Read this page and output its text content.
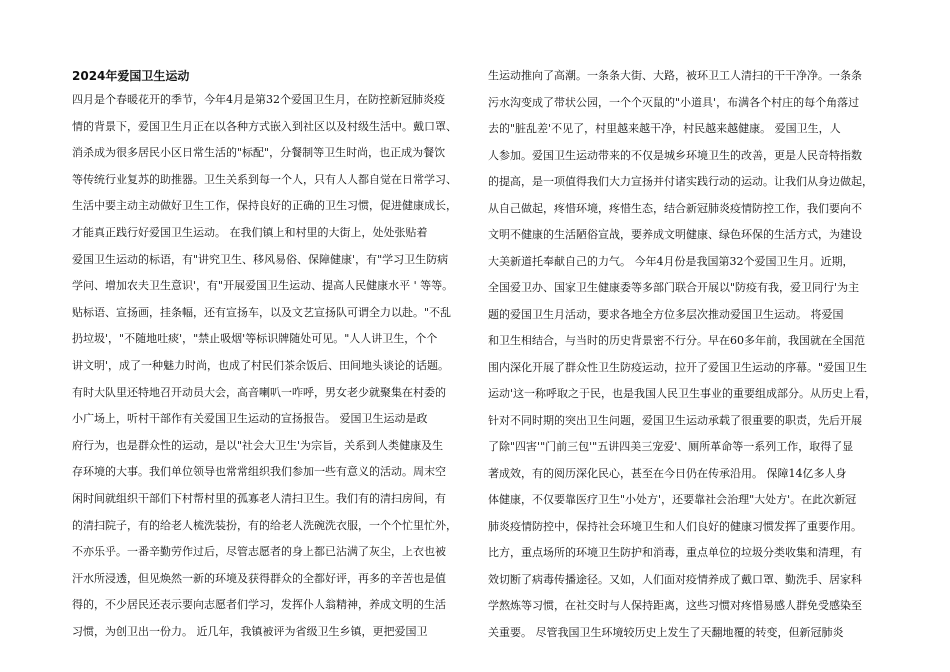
2024年爱国卫生运动
四月是个春暖花开的季节，今年4月是第32个爱国卫生月，在防控新冠肺炎疫
情的背景下，爱国卫生月正在以各种方式嵌入到社区以及村级生活中。戴口罩、
消杀成为很多居民小区日常生活的"标配"，分餐制等卫生时尚，也正成为餐饮
等传统行业复苏的助推器。卫生关系到每一个人，只有人人都自觉在日常学习、
生活中要主动主动做好卫生工作，保持良好的正确的卫生习惯，促进健康成长，
才能真正践行好爱国卫生运动。 在我们镇上和村里的大街上，处处张贴着
爱国卫生运动的标语，有"讲究卫生、移风易俗、保障健康'，有"学习卫生防病
学问、增加农夫卫生意识'，有"开展爱国卫生运动、提高人民健康水平 ' 等等。
贴标语、宣扬画，挂条幅，还有宣扬车，以及文艺宣扬队可谓全力以赴。"不乱
扔垃圾'，"不随地吐痰'，"禁止吸烟'等标识牌随处可见。"人人讲卫生，个个
讲文明'，成了一种魅力时尚，也成了村民们茶余饭后、田间地头谈论的话题。
有时大队里还特地召开动员大会，高音喇叭一咋呼，男女老少就聚集在村委的
小广场上，听村干部作有关爱国卫生运动的宣扬报告。 爱国卫生运动是政
府行为，也是群众性的运动，是以"社会大卫生'为宗旨，关系到人类健康及生
存环境的大事。我们单位领导也常常组织我们参加一些有意义的活动。周末空
闲时间就组织干部们下村帮村里的孤寡老人清扫卫生。我们有的清扫房间，有
的清扫院子，有的给老人梳洗装扮，有的给老人洗碗洗衣服，一个个忙里忙外，
不亦乐乎。一番辛勤劳作过后，尽管志愿者的身上都已沾满了灰尘，上衣也被
汗水所浸透，但见焕然一新的环境及获得群众的全都好评，再多的辛苦也是值
得的，不少居民还表示要向志愿者们学习，发挥仆人翁精神，养成文明的生活
习惯，为创卫出一份力。 近几年，我镇被评为省级卫生乡镇，更把爱国卫
生运动推向了高潮。一条条大街、大路，被环卫工人清扫的干干净净。一条条
污水沟变成了带状公园，一个个灭鼠的"小道具'，布满各个村庄的每个角落过
去的"脏乱差'不见了，村里越来越干净，村民越来越健康。 爱国卫生，人
人参加。爱国卫生运动带来的不仅是城乡环境卫生的改善，更是人民奇特指数
的提高，是一项值得我们大力宣扬并付诸实践行动的运动。让我们从身边做起，
从自己做起，疼惜环境，疼惜生态，结合新冠肺炎疫情防控工作，我们要向不
文明不健康的生活陋俗宣战，要养成文明健康、绿色环保的生活方式，为建设
大美新道托奉献自己的力气。 今年4月份是我国第32个爱国卫生月。近期，
全国爱卫办、国家卫生健康委等多部门联合开展以"防疫有我，爱卫同行'为主
题的爱国卫生月活动，要求各地全方位多层次推动爱国卫生运动。 将爱国
和卫生相结合，与当时的历史背景密不行分。早在60多年前，我国就在全国范
围内深化开展了群众性卫生防疫运动，拉开了爱国卫生运动的序幕。"爱国卫生
运动'这一称呼取之于民，也是我国人民卫生事业的重要组成部分。从历史上看，
针对不同时期的突出卫生问题，爱国卫生运动承载了很重要的职责，先后开展
了除"四害'"门前三包'"五讲四美三宠爱'、厕所革命等一系列工作，取得了显
著成效，有的阅历深化民心，甚至在今日仍在传承沿用。 保障14亿多人身
体健康，不仅要靠医疗卫生"小处方'，还要靠社会治理"大处方'。在此次新冠
肺炎疫情防控中，保持社会环境卫生和人们良好的健康习惯发挥了重要作用。
比方，重点场所的环境卫生防护和消毒，重点单位的垃圾分类收集和清理，有
效切断了病毒传播途径。又如，人们面对疫情养成了戴口罩、勤洗手、居家科
学熬炼等习惯，在社交时与人保持距离，这些习惯对疼惜易感人群免受感染至
关重要。 尽管我国卫生环境较历史上发生了天翻地覆的转变，但新冠肺炎
